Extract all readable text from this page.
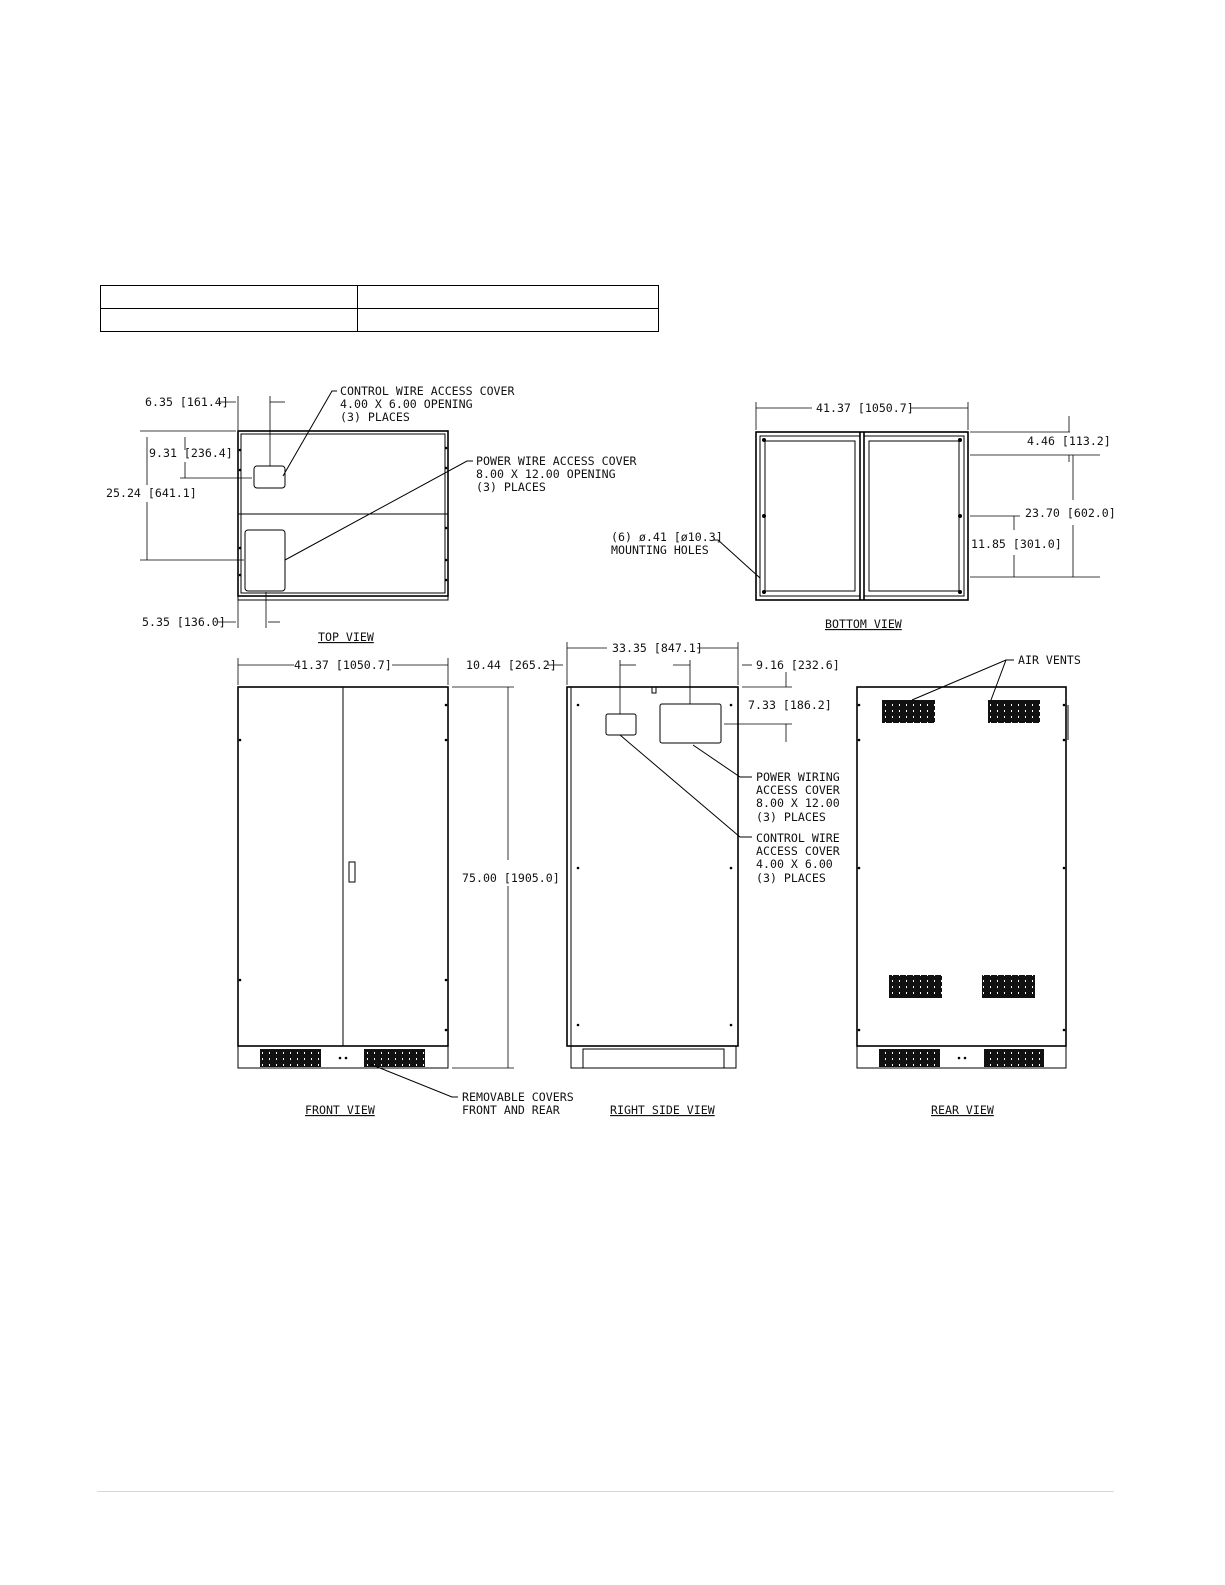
6.35 [161.4]
9.31 [236.4]
25.24 [641.1]
5.35 [136.0]
CONTROL WIRE ACCESS COVER
4.00 X 6.00 OPENING
(3) PLACES
POWER WIRE ACCESS COVER
8.00 X 12.00 OPENING
(3) PLACES
TOP VIEW
41.37 [1050.7]
4.46 [113.2]
23.70 [602.0]
11.85 [301.0]
(6) ø.41 [ø10.3]
MOUNTING HOLES
BOTTOM VIEW
41.37 [1050.7]
75.00 [1905.0]
REMOVABLE COVERS
FRONT AND REAR
FRONT VIEW
10.44 [265.2]
33.35 [847.1]
9.16 [232.6]
7.33 [186.2]
POWER WIRING
ACCESS COVER
8.00 X 12.00
(3) PLACES
CONTROL WIRE
ACCESS COVER
4.00 X 6.00
(3) PLACES
RIGHT SIDE VIEW
AIR VENTS
REAR VIEW
